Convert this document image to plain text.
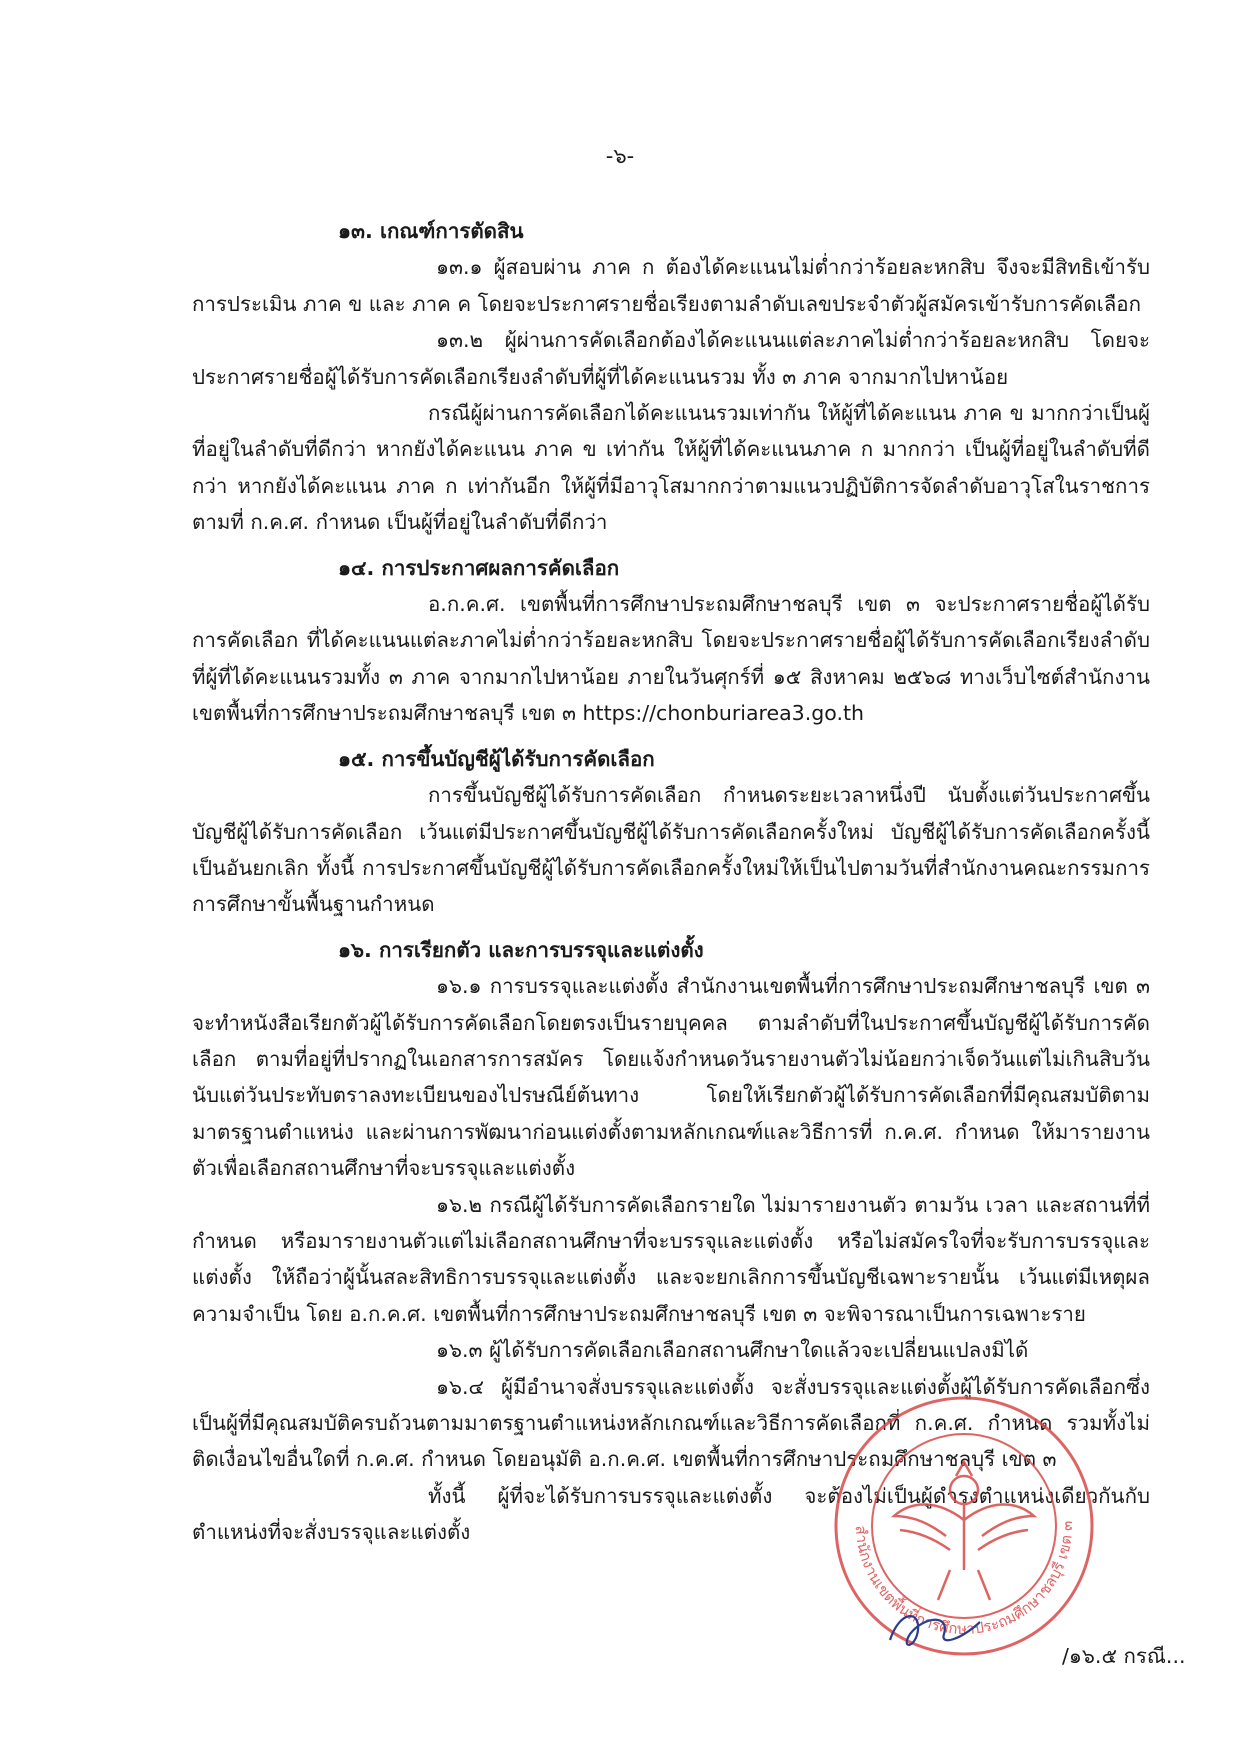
-๖-

๑๓. เกณฑ์การตัดสิน

๑๓.๑ ผู้สอบผ่าน ภาค ก ต้องได้คะแนนไม่ต่ำกว่าร้อยละหกสิบ จึงจะมีสิทธิเข้ารับการประเมิน ภาค ข และ ภาค ค โดยจะประกาศรายชื่อเรียงตามลำดับเลขประจำตัวผู้สมัครเข้ารับการคัดเลือก

๑๓.๒ ผู้ผ่านการคัดเลือกต้องได้คะแนนแต่ละภาคไม่ต่ำกว่าร้อยละหกสิบ โดยจะประกาศรายชื่อผู้ได้รับการคัดเลือกเรียงลำดับที่ผู้ที่ได้คะแนนรวม ทั้ง ๓ ภาค จากมากไปหาน้อย

กรณีผู้ผ่านการคัดเลือกได้คะแนนรวมเท่ากัน ให้ผู้ที่ได้คะแนน ภาค ข มากกว่าเป็นผู้ที่อยู่ในลำดับที่ดีกว่า หากยังได้คะแนน ภาค ข เท่ากัน ให้ผู้ที่ได้คะแนนภาค ก มากกว่า เป็นผู้ที่อยู่ในลำดับที่ดีกว่า หากยังได้คะแนน ภาค ก เท่ากันอีก ให้ผู้ที่มีอาวุโสมากกว่าตามแนวปฏิบัติการจัดลำดับอาวุโสในราชการตามที่ ก.ค.ศ. กำหนด เป็นผู้ที่อยู่ในลำดับที่ดีกว่า

๑๔. การประกาศผลการคัดเลือก

อ.ก.ค.ศ. เขตพื้นที่การศึกษาประถมศึกษาชลบุรี เขต ๓ จะประกาศรายชื่อผู้ได้รับการคัดเลือก ที่ได้คะแนนแต่ละภาคไม่ต่ำกว่าร้อยละหกสิบ โดยจะประกาศรายชื่อผู้ได้รับการคัดเลือกเรียงลำดับที่ผู้ที่ได้คะแนนรวมทั้ง ๓ ภาค จากมากไปหาน้อย ภายในวันศุกร์ที่ ๑๕ สิงหาคม ๒๕๖๘ ทางเว็บไซต์สำนักงานเขตพื้นที่การศึกษาประถมศึกษาชลบุรี เขต ๓ https://chonburiarea3.go.th

๑๕. การขึ้นบัญชีผู้ได้รับการคัดเลือก

การขึ้นบัญชีผู้ได้รับการคัดเลือก กำหนดระยะเวลาหนึ่งปี นับตั้งแต่วันประกาศขึ้นบัญชีผู้ได้รับการคัดเลือก เว้นแต่มีประกาศขึ้นบัญชีผู้ได้รับการคัดเลือกครั้งใหม่ บัญชีผู้ได้รับการคัดเลือกครั้งนี้เป็นอันยกเลิก ทั้งนี้ การประกาศขึ้นบัญชีผู้ได้รับการคัดเลือกครั้งใหม่ให้เป็นไปตามวันที่สำนักงานคณะกรรมการการศึกษาขั้นพื้นฐานกำหนด

๑๖. การเรียกตัว และการบรรจุและแต่งตั้ง

๑๖.๑ การบรรจุและแต่งตั้ง สำนักงานเขตพื้นที่การศึกษาประถมศึกษาชลบุรี เขต ๓ จะทำหนังสือเรียกตัวผู้ได้รับการคัดเลือกโดยตรงเป็นรายบุคคล ตามลำดับที่ในประกาศขึ้นบัญชีผู้ได้รับการคัดเลือก ตามที่อยู่ที่ปรากฏในเอกสารการสมัคร โดยแจ้งกำหนดวันรายงานตัวไม่น้อยกว่าเจ็ดวันแต่ไม่เกินสิบวัน นับแต่วันประทับตราลงทะเบียนของไปรษณีย์ต้นทาง โดยให้เรียกตัวผู้ได้รับการคัดเลือกที่มีคุณสมบัติตามมาตรฐานตำแหน่ง และผ่านการพัฒนาก่อนแต่งตั้งตามหลักเกณฑ์และวิธีการที่ ก.ค.ศ. กำหนด ให้มารายงานตัวเพื่อเลือกสถานศึกษาที่จะบรรจุและแต่งตั้ง

๑๖.๒ กรณีผู้ได้รับการคัดเลือกรายใด ไม่มารายงานตัว ตามวัน เวลา และสถานที่ที่กำหนด หรือมารายงานตัวแต่ไม่เลือกสถานศึกษาที่จะบรรจุและแต่งตั้ง หรือไม่สมัครใจที่จะรับการบรรจุและแต่งตั้ง ให้ถือว่าผู้นั้นสละสิทธิการบรรจุและแต่งตั้ง และจะยกเลิกการขึ้นบัญชีเฉพาะรายนั้น เว้นแต่มีเหตุผลความจำเป็น โดย อ.ก.ค.ศ. เขตพื้นที่การศึกษาประถมศึกษาชลบุรี เขต ๓ จะพิจารณาเป็นการเฉพาะราย

๑๖.๓ ผู้ได้รับการคัดเลือกเลือกสถานศึกษาใดแล้วจะเปลี่ยนแปลงมิได้

๑๖.๔ ผู้มีอำนาจสั่งบรรจุและแต่งตั้ง จะสั่งบรรจุและแต่งตั้งผู้ได้รับการคัดเลือกซึ่งเป็นผู้ที่มีคุณสมบัติครบถ้วนตามมาตรฐานตำแหน่งหลักเกณฑ์และวิธีการคัดเลือกที่ ก.ค.ศ. กำหนด รวมทั้งไม่ติดเงื่อนไขอื่นใดที่ ก.ค.ศ. กำหนด โดยอนุมัติ อ.ก.ค.ศ. เขตพื้นที่การศึกษาประถมศึกษาชลบุรี เขต ๓

ทั้งนี้ ผู้ที่จะได้รับการบรรจุและแต่งตั้ง จะต้องไม่เป็นผู้ดำรงตำแหน่งเดียวกันกับตำแหน่งที่จะสั่งบรรจุและแต่งตั้ง	สำนักงานเขตพื้นที่การศึกษาประถมศึกษาชลบุรี เขต ๓
/๑๖.๕ กรณี...
